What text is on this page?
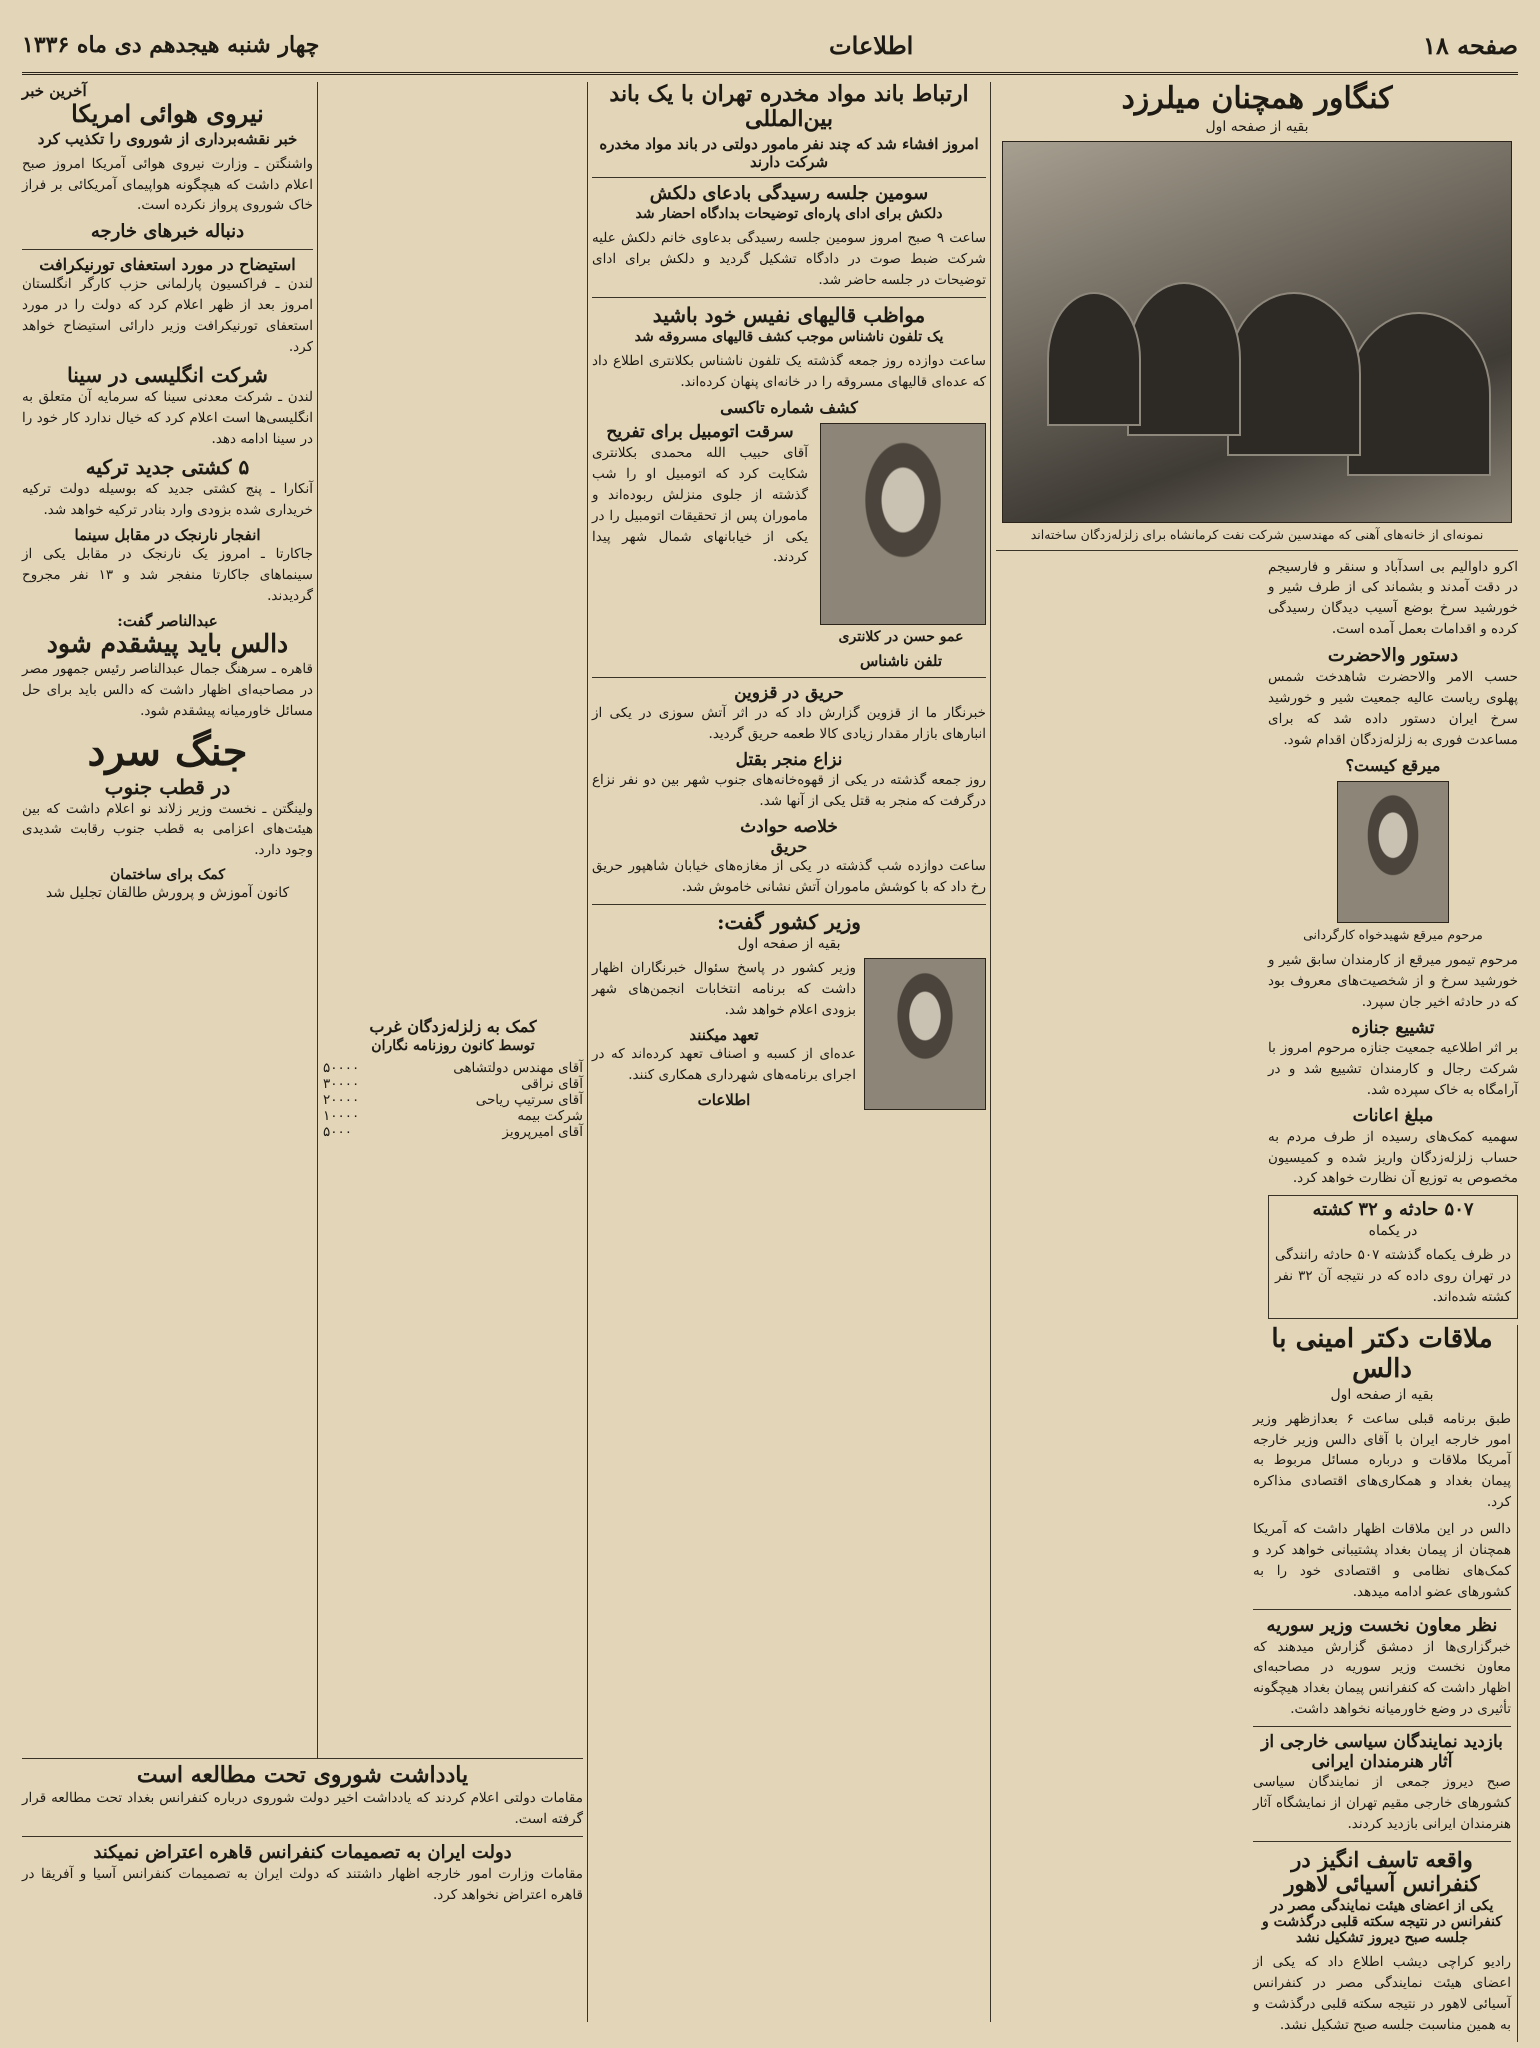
صفحه ۱۸
اطلاعات
چهار شنبه هیجدهم دی ماه ۱۳۳۶
کنگاور همچنان میلرزد
بقیه از صفحه اول
نمونه‌ای از خانه‌های آهنی که مهندسین شرکت نفت کرمانشاه برای زلزله‌زدگان ساخته‌اند

اکرو داوالیم بی اسدآباد و سنقر و فارسیجم در دقت آمدند و بشماند کی از طرف شیر و خورشید سرخ بوضع آسیب دیدگان رسیدگی کرده و اقدامات بعمل آمده است.

دستور والاحضرت

حسب الامر والاحضرت شاهدخت شمس پهلوی ریاست عالیه جمعیت شیر و خورشید سرخ ایران دستور داده شد که برای مساعدت فوری به زلزله‌زدگان اقدام شود.

میرقع کیست؟
مرحوم میرقع شهیدخواه کارگردانی

مرحوم تیمور میرقع از کارمندان سابق شیر و خورشید سرخ و از شخصیت‌های معروف بود که در حادثه اخیر جان سپرد.

تشییع جنازه

بر اثر اطلاعیه جمعیت جنازه مرحوم امروز با شرکت رجال و کارمندان تشییع شد و در آرامگاه به خاک سپرده شد.

مبلغ اعانات

سهمیه کمک‌های رسیده از طرف مردم به حساب زلزله‌زدگان واریز شده و کمیسیون مخصوص به توزیع آن نظارت خواهد کرد.

۵۰۷ حادثه و ۳۲ کشته
در یکماه

در ظرف یکماه گذشته ۵۰۷ حادثه رانندگی در تهران روی داده که در نتیجه آن ۳۲ نفر کشته شده‌اند.

ملاقات دکتر امینی با دالس
بقیه از صفحه اول

طبق برنامه قبلی ساعت ۶ بعدازظهر وزیر امور خارجه ایران با آقای دالس وزیر خارجه آمریکا ملاقات و درباره مسائل مربوط به پیمان بغداد و همکاری‌های اقتصادی مذاکره کرد.

دالس در این ملاقات اظهار داشت که آمریکا همچنان از پیمان بغداد پشتیبانی خواهد کرد و کمک‌های نظامی و اقتصادی خود را به کشورهای عضو ادامه میدهد.

نظر معاون نخست وزیر سوریه

خبرگزاری‌ها از دمشق گزارش میدهند که معاون نخست وزیر سوریه در مصاحبه‌ای اظهار داشت که کنفرانس پیمان بغداد هیچگونه تأثیری در وضع خاورمیانه نخواهد داشت.

بازدید نمایندگان سیاسی خارجی از آثار هنرمندان ایرانی

صبح دیروز جمعی از نمایندگان سیاسی کشورهای خارجی مقیم تهران از نمایشگاه آثار هنرمندان ایرانی بازدید کردند.

واقعه تاسف انگیز در کنفرانس آسیائی لاهور
یکی از اعضای هیئت نمایندگی مصر در کنفرانس در نتیجه سکته قلبی درگذشت و جلسه صبح دیروز تشکیل نشد

رادیو کراچی دیشب اطلاع داد که یکی از اعضای هیئت نمایندگی مصر در کنفرانس آسیائی لاهور در نتیجه سکته قلبی درگذشت و به همین مناسبت جلسه صبح تشکیل نشد.

ارتباط باند مواد مخدره تهران با یک باند بین‌المللی
امروز افشاء شد که چند نفر مامور دولتی در باند مواد مخدره شرکت دارند
سومین جلسه رسیدگی بادعای دلکش
دلکش برای ادای پاره‌ای توضیحات بدادگاه احضار شد

ساعت ۹ صبح امروز سومین جلسه رسیدگی بدعاوی خانم دلکش علیه شرکت ضبط صوت در دادگاه تشکیل گردید و دلکش برای ادای توضیحات در جلسه حاضر شد.

مواظب قالیهای نفیس خود باشید
یک تلفون ناشناس موجب کشف قالیهای مسروقه شد

ساعت دوازده روز جمعه گذشته یک تلفون ناشناس بکلانتری اطلاع داد که عده‌ای قالیهای مسروقه را در خانه‌ای پنهان کرده‌اند.

کشف شماره تاکسی
عمو حسن در کلانتری
تلفن ناشناس
سرقت اتومبیل برای تفریح

آقای حبیب الله محمدی بکلانتری شکایت کرد که اتومبیل او را شب گذشته از جلوی منزلش ربوده‌اند و ماموران پس از تحقیقات اتومبیل را در یکی از خیابانهای شمال شهر پیدا کردند.

حریق در قزوین

خبرنگار ما از قزوین گزارش داد که در اثر آتش سوزی در یکی از انبارهای بازار مقدار زیادی کالا طعمه حریق گردید.

نزاع منجر بقتل

روز جمعه گذشته در یکی از قهوه‌خانه‌های جنوب شهر بین دو نفر نزاع درگرفت که منجر به قتل یکی از آنها شد.

خلاصه حوادث
حریق

ساعت دوازده شب گذشته در یکی از مغازه‌های خیابان شاهپور حریق رخ داد که با کوشش ماموران آتش نشانی خاموش شد.

وزیر کشور گفت:
بقیه از صفحه اول

وزیر کشور در پاسخ سئوال خبرنگاران اظهار داشت که برنامه انتخابات انجمن‌های شهر بزودی اعلام خواهد شد.

تعهد میکنند

عده‌ای از کسبه و اصناف تعهد کرده‌اند که در اجرای برنامه‌های شهرداری همکاری کنند.

اطلاعات
کمک به زلزله‌زدگان غرب
توسط کانون روزنامه نگاران
آقای مهندس دولتشاهی
۵۰۰۰۰
آقای نراقی
۳۰۰۰۰
آقای سرتیپ ریاحی
۲۰۰۰۰
شرکت بیمه
۱۰۰۰۰
آقای امیرپرویز
۵۰۰۰
آخرین خبر
نیروی هوائی امریکا
خبر نقشه‌برداری از شوروی را تکذیب کرد

واشنگتن ـ وزارت نیروی هوائی آمریکا امروز صبح اعلام داشت که هیچگونه هواپیمای آمریکائی بر فراز خاک شوروی پرواز نکرده است.

دنباله خبرهای خارجه
استیضاح در مورد استعفای تورنیکرافت

لندن ـ فراکسیون پارلمانی حزب کارگر انگلستان امروز بعد از ظهر اعلام کرد که دولت را در مورد استعفای تورنیکرافت وزیر دارائی استیضاح خواهد کرد.

شرکت انگلیسی در سینا

لندن ـ شرکت معدنی سینا که سرمایه آن متعلق به انگلیسی‌ها است اعلام کرد که خیال ندارد کار خود را در سینا ادامه دهد.

۵ کشتی جدید ترکیه

آنکارا ـ پنج کشتی جدید که بوسیله دولت ترکیه خریداری شده بزودی وارد بنادر ترکیه خواهد شد.

انفجار نارنجک در مقابل سینما

جاکارتا ـ امروز یک نارنجک در مقابل یکی از سینماهای جاکارتا منفجر شد و ۱۳ نفر مجروح گردیدند.

عبدالناصر گفت:
دالس باید پیشقدم شود

قاهره ـ سرهنگ جمال عبدالناصر رئیس جمهور مصر در مصاحبه‌ای اظهار داشت که دالس باید برای حل مسائل خاورمیانه پیشقدم شود.

جنگ سرد
در قطب جنوب

ولینگتن ـ نخست وزیر زلاند نو اعلام داشت که بین هیئت‌های اعزامی به قطب جنوب رقابت شدیدی وجود دارد.

کمک برای ساختمان
کانون آموزش و پرورش طالقان تجلیل شد
یادداشت شوروی تحت مطالعه است

مقامات دولتی اعلام کردند که یادداشت اخیر دولت شوروی درباره کنفرانس بغداد تحت مطالعه قرار گرفته است.

دولت ایران به تصمیمات کنفرانس قاهره اعتراض نمیکند

مقامات وزارت امور خارجه اظهار داشتند که دولت ایران به تصمیمات کنفرانس آسیا و آفریقا در قاهره اعتراض نخواهد کرد.
